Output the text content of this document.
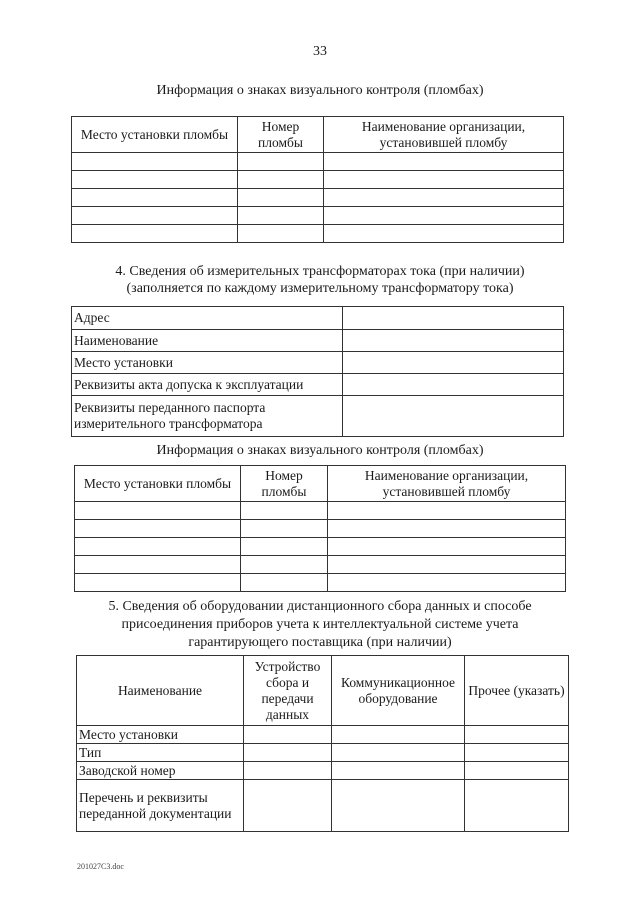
33
Информация о знаках визуального контроля (пломбах)
Место установки пломбы	Номер пломбы	Наименование организации, установившей пломбу

4. Сведения об измерительных трансформаторах тока (при наличии)
(заполняется по каждому измерительному трансформатору тока)
Адрес	
Наименование	
Место установки	
Реквизиты акта допуска к эксплуатации	
Реквизиты переданного паспорта измерительного трансформатора	
Информация о знаках визуального контроля (пломбах)
Место установки пломбы	Номер пломбы	Наименование организации, установившей пломбу

5. Сведения об оборудовании дистанционного сбора данных и способе
присоединения приборов учета к интеллектуальной системе учета
гарантирующего поставщика (при наличии)
Наименование	Устройство сбора и передачи данных	Коммуникационное оборудование	Прочее (указать)
Место установки			
Тип			
Заводской номер			
Перечень и реквизиты переданной документации			
201027C3.doc
